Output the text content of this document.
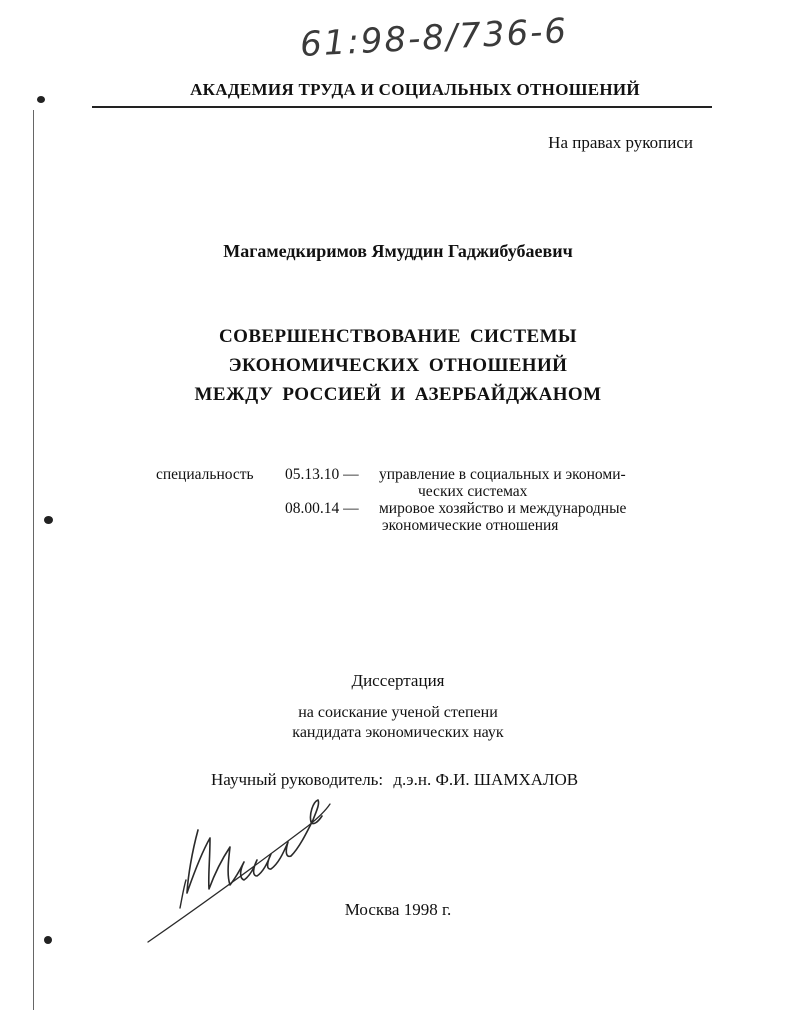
61:98-8/736-6
АКАДЕМИЯ ТРУДА И СОЦИАЛЬНЫХ ОТНОШЕНИЙ
На правах рукописи
Магамедкиримов Ямуддин Гаджибубаевич
СОВЕРШЕНСТВОВАНИЕ СИСТЕМЫ
ЭКОНОМИЧЕСКИХ ОТНОШЕНИЙ
МЕЖДУ РОССИЕЙ И АЗЕРБАЙДЖАНОМ
специальность 05.13.10 — управление в социальных и экономи-
ческих системах
08.00.14 — мировое хозяйство и международные
экономические отношения
Диссертация
на соискание ученой степени
кандидата экономических наук
Научный руководитель: д.э.н. Ф.И. ШАМХАЛОВ
Москва 1998 г.
